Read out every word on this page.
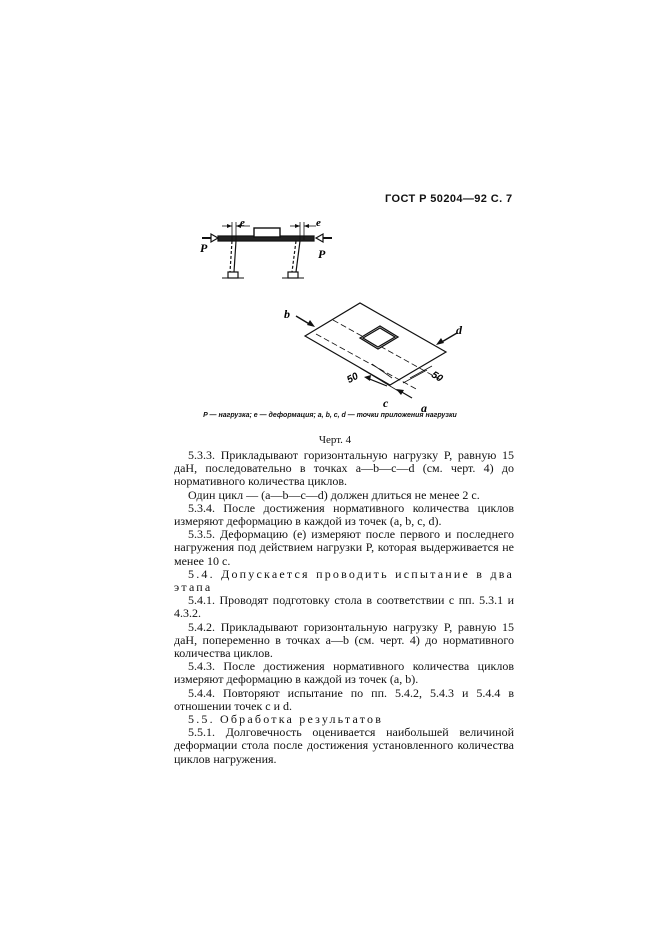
ГОСТ Р 50204—92 С. 7
e	e
P	P
b
d
a
c
50	50
P — нагрузка; e — деформация; a, b, c, d — точки приложения нагрузки
Черт. 4

5.3.3. Прикладывают горизонтальную нагрузку P, равную 15 даН, последовательно в точках a—b—c—d (см. черт. 4) до нормативного количества циклов.

Один цикл — (a—b—c—d) должен длиться не менее 2 с.

5.3.4. После достижения нормативного количества циклов измеряют деформацию в каждой из точек (a, b, c, d).

5.3.5. Деформацию (e) измеряют после первого и последнего нагружения под действием нагрузки P, которая выдерживается не менее 10 с.

5.4. Допускается проводить испытание в два этапа

5.4.1. Проводят подготовку стола в соответствии с пп. 5.3.1 и 4.3.2.

5.4.2. Прикладывают горизонтальную нагрузку P, равную 15 даН, попеременно в точках a—b (см. черт. 4) до нормативного количества циклов.

5.4.3. После достижения нормативного количества циклов измеряют деформацию в каждой из точек (a, b).

5.4.4. Повторяют испытание по пп. 5.4.2, 5.4.3 и 5.4.4 в отношении точек c и d.

5.5. Обработка результатов

5.5.1. Долговечность оценивается наибольшей величиной деформации стола после достижения установленного количества циклов нагружения.
